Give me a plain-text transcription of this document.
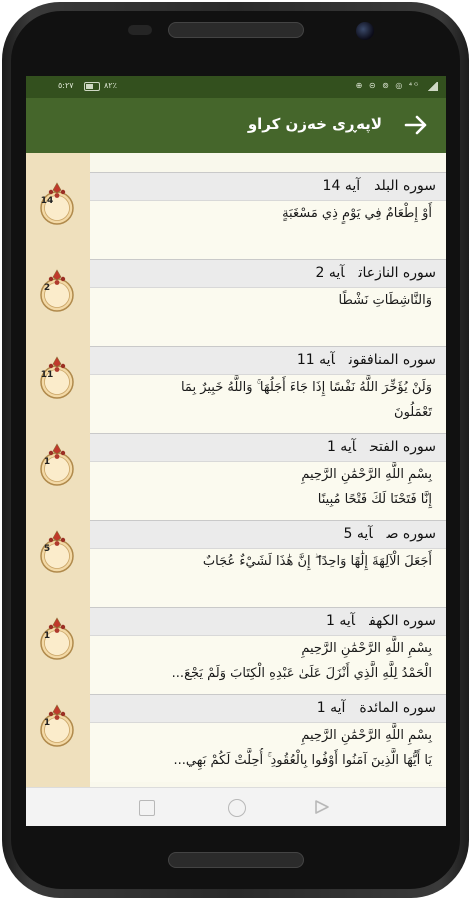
٥:٢٧	٨٢٪	⊕ ⊝ ⊚ ◎ ⁴ᴳ
لاپەڕی خەزن کراو
14
سوره البلدآيه 14
أَوْ إِطْعَامٌ فِي يَوْمٍ ذِي مَسْغَبَةٍ
2
سوره النازعاتآيه 2
وَالنَّاشِطَاتِ نَشْطًا
11
سوره المنافقونآيه 11
وَلَنْ يُؤَخِّرَ اللَّهُ نَفْسًا إِذَا جَاءَ أَجَلُهَا ۚ وَاللَّهُ خَبِيرٌ بِمَا
تَعْمَلُونَ
1
سوره الفتحآيه 1
بِسْمِ اللَّهِ الرَّحْمَٰنِ الرَّحِيمِ
إِنَّا فَتَحْنَا لَكَ فَتْحًا مُبِينًا
5
سوره صآيه 5
أَجَعَلَ الْآلِهَةَ إِلَٰهًا وَاحِدًا ۖ إِنَّ هَٰذَا لَشَيْءٌ عُجَابٌ
1
سوره الكهفآيه 1
بِسْمِ اللَّهِ الرَّحْمَٰنِ الرَّحِيمِ
الْحَمْدُ لِلَّهِ الَّذِي أَنْزَلَ عَلَىٰ عَبْدِهِ الْكِتَابَ وَلَمْ يَجْعَ...
1
سوره المائدةآيه 1
بِسْمِ اللَّهِ الرَّحْمَٰنِ الرَّحِيمِ
يَا أَيُّهَا الَّذِينَ آمَنُوا أَوْفُوا بِالْعُقُودِ ۚ أُحِلَّتْ لَكُمْ بَهِي...
